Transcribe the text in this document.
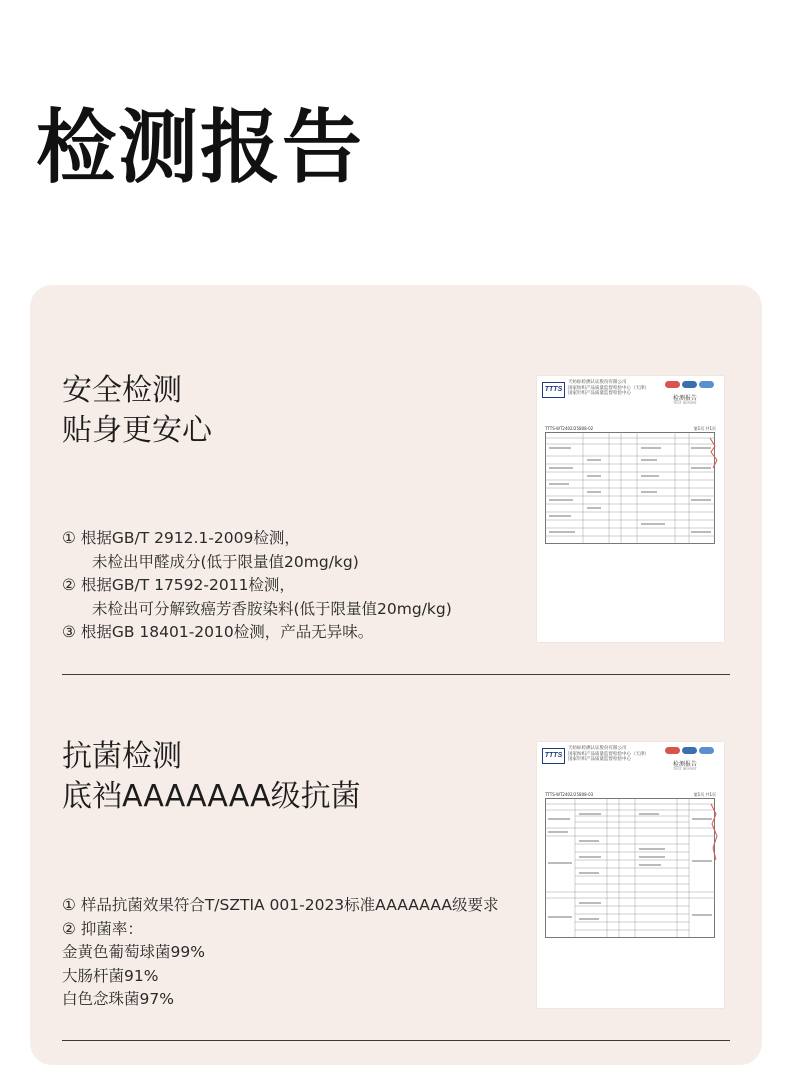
检测报告
安全检测
贴身更安心
① 根据GB/T 2912.1-2009检测，
未检出甲醛成分(低于限量值20mg/kg)
② 根据GB/T 17592-2011检测，
未检出可分解致癌芳香胺染料(低于限量值20mg/kg)
③ 根据GB 18401-2010检测，产品无异味。
TTTS
天纺标检测认证股份有限公司
国家纺织产品质量监督检验中心（天津）
国家针织产品质量监督检验中心
检测报告
TEST REPORT
TTTS-WT2402/25808-02	第1页 共1页
抗菌检测
底裆AAAAAAA级抗菌
① 样品抗菌效果符合T/SZTIA 001-2023标准AAAAAAA级要求
② 抑菌率：
金黄色葡萄球菌99%
大肠杆菌91%
白色念珠菌97%
TTTS
天纺标检测认证股份有限公司
国家纺织产品质量监督检验中心（天津）
国家针织产品质量监督检验中心
检测报告
TEST REPORT
TTTS-WT2402/25808-03	第1页 共1页
